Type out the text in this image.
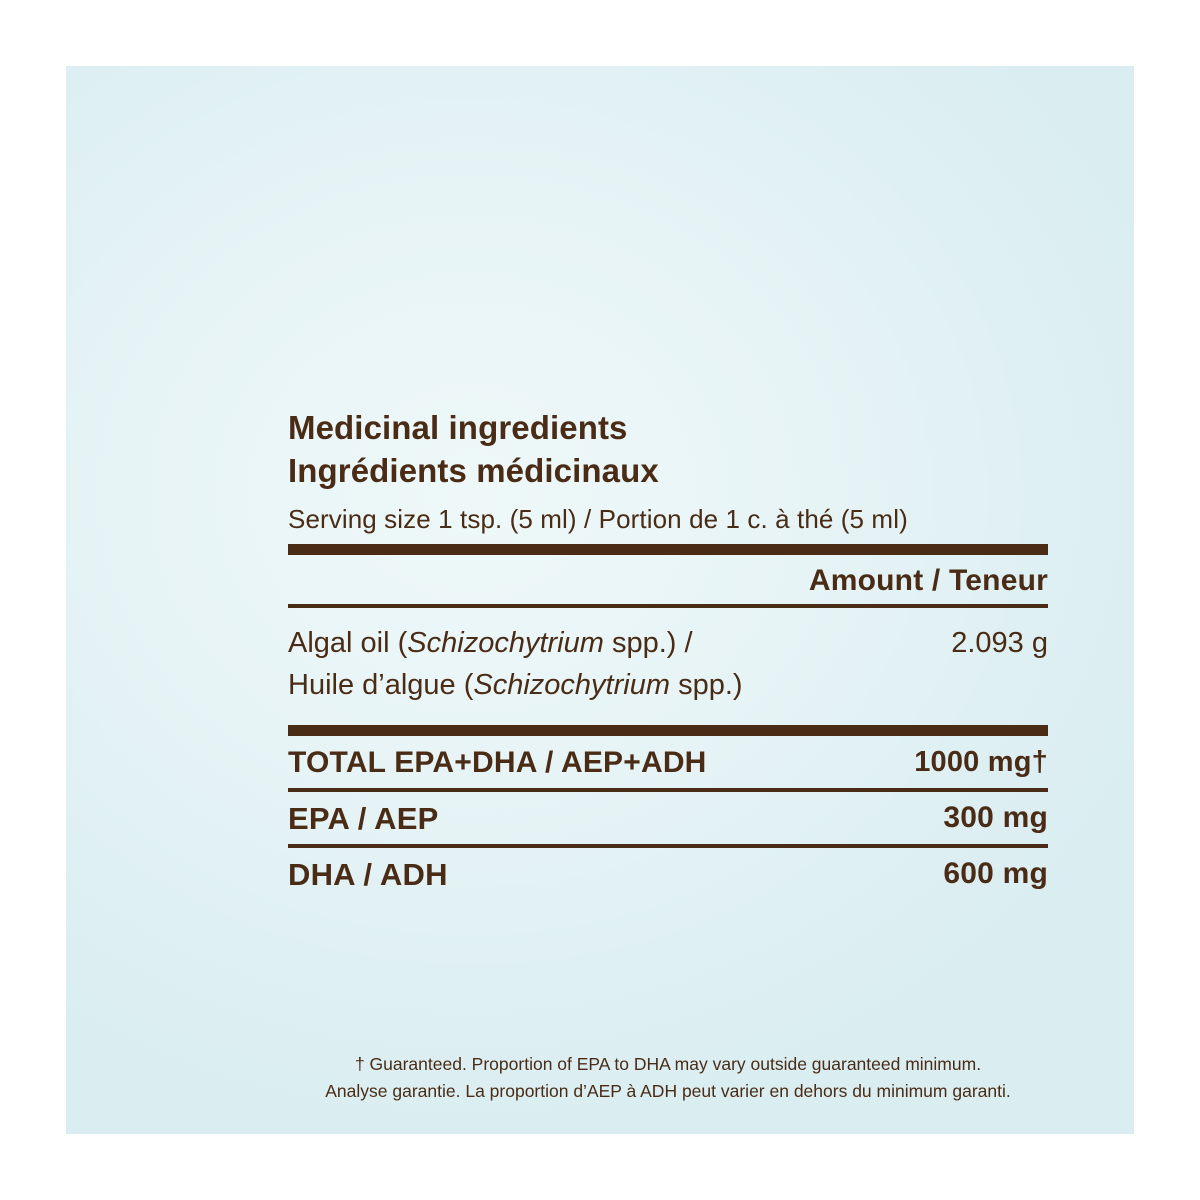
Medicinal ingredients
Ingrédients médicinaux
Serving size 1 tsp. (5 ml) / Portion de 1 c. à thé (5 ml)
Amount / Teneur
Algal oil (Schizochytrium spp.) /
Huile d’algue (Schizochytrium spp.)
2.093 g
TOTAL EPA+DHA / AEP+ADH	1000 mg†
EPA / AEP	300 mg
DHA / ADH	600 mg
† Guaranteed. Proportion of EPA to DHA may vary outside guaranteed minimum.
Analyse garantie. La proportion d’AEP à ADH peut varier en dehors du minimum garanti.
